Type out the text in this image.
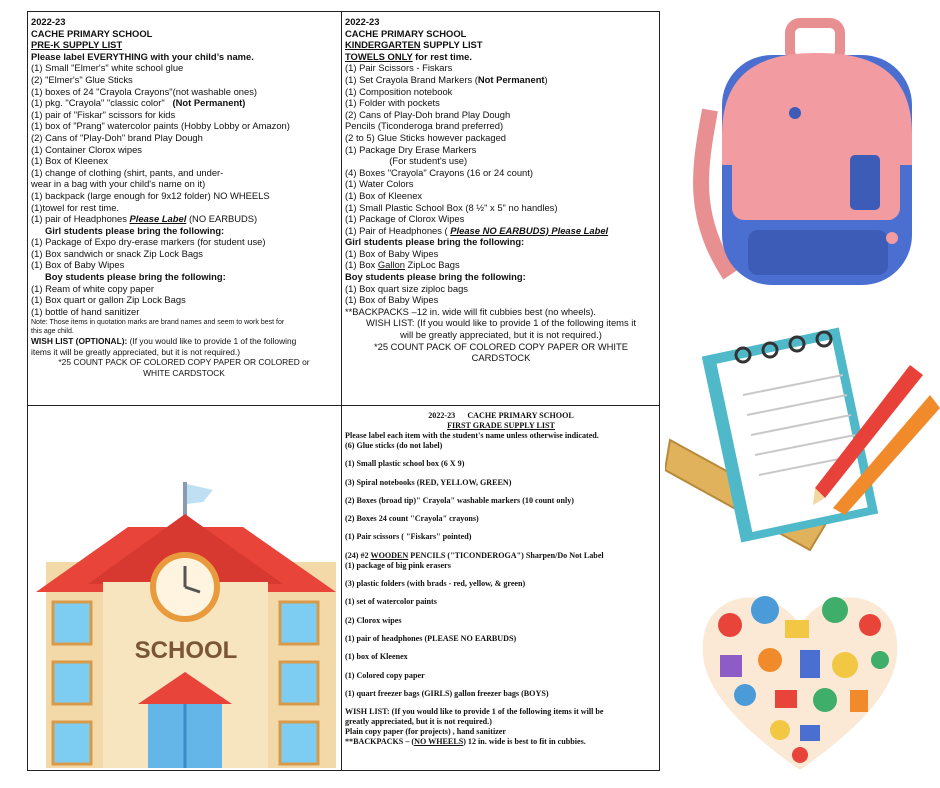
2022-23
CACHE PRIMARY SCHOOL
PRE-K SUPPLY LIST
Please label EVERYTHING with your child’s name.
(1) Small "Elmer's" white school glue
(2) "Elmer's" Glue Sticks
(1) boxes of 24 "Crayola Crayons"(not washable ones)
(1) pkg. "Crayola" "classic color" (Not Permanent)
(1) pair of "Fiskar" scissors for kids
(1) box of "Prang" watercolor paints (Hobby Lobby or Amazon)
(2) Cans of "Play-Doh" brand Play Dough
(1) Container Clorox wipes
(1) Box of Kleenex
(1) change of clothing (shirt, pants, and under-
wear in a bag with your child's name on it)
(1) backpack (large enough for 9x12 folder) NO WHEELS
(1)towel for rest time.
(1) pair of Headphones Please Label (NO EARBUDS)
Girl students please bring the following:
(1) Package of Expo dry-erase markers (for student use)
(1) Box sandwich or snack Zip Lock Bags
(1) Box of Baby Wipes
Boy students please bring the following:
(1) Ream of white copy paper
(1) Box quart or gallon Zip Lock Bags
(1) bottle of hand sanitizer
Note: Those items in quotation marks are brand names and seem to work best for
this age child.
WISH LIST (OPTIONAL): (If you would like to provide 1 of the following
items it will be greatly appreciated, but it is not required.)
*25 COUNT PACK OF COLORED COPY PAPER OR COLORED or
WHITE CARDSTOCK
2022-23
CACHE PRIMARY SCHOOL
KINDERGARTEN SUPPLY LIST
TOWELS ONLY for rest time.
(1) Pair Scissors - Fiskars
(1) Set Crayola Brand Markers (Not Permanent)
(1) Composition notebook
(1) Folder with pockets
(2) Cans of Play-Doh brand Play Dough
Pencils (Ticonderoga brand preferred)
(2 to 5) Glue Sticks however packaged
(1) Package Dry Erase Markers
(For student's use)
(4) Boxes "Crayola" Crayons (16 or 24 count)
(1) Water Colors
(1) Box of Kleenex
(1) Small Plastic School Box (8 ½" x 5" no handles)
(1) Package of Clorox Wipes
(1) Pair of Headphones ( Please NO EARBUDS) Please Label
Girl students please bring the following:
(1) Box of Baby Wipes
(1) Box Gallon ZipLoc Bags
Boy students please bring the following:
(1) Box quart size ziploc bags
(1) Box of Baby Wipes
**BACKPACKS –12 in. wide will fit cubbies best (no wheels).
WISH LIST: (If you would like to provide 1 of the following items it
will be greatly appreciated, but it is not required.)
*25 COUNT PACK OF COLORED COPY PAPER OR WHITE
CARDSTOCK
2022-23      CACHE PRIMARY SCHOOL
FIRST GRADE SUPPLY LIST
Please label each item with the student's name unless otherwise indicated.
(6) Glue sticks (do not label)
(1) Small plastic school box (6 X 9)
(3) Spiral notebooks (RED, YELLOW, GREEN)
(2) Boxes (broad tip)" Crayola" washable markers (10 count only)
(2) Boxes 24 count "Crayola" crayons)
(1) Pair scissors ( "Fiskars" pointed)
(24) #2 WOODEN PENCILS ("TICONDEROGA") Sharpen/Do Not Label
(1) package of big pink erasers
(3) plastic folders (with brads - red, yellow, & green)
(1) set of watercolor paints
(2) Clorox wipes
(1) pair of headphones (PLEASE NO EARBUDS)
(1) box of Kleenex
(1) Colored copy paper
(1) quart freezer bags (GIRLS) gallon freezer bags (BOYS)
WISH LIST: (If you would like to provide 1 of the following items it will be
greatly appreciated, but it is not required.)
Plain copy paper (for projects) , hand sanitizer
**BACKPACKS – (NO WHEELS) 12 in. wide is best to fit in cubbies.
SCHOOL
